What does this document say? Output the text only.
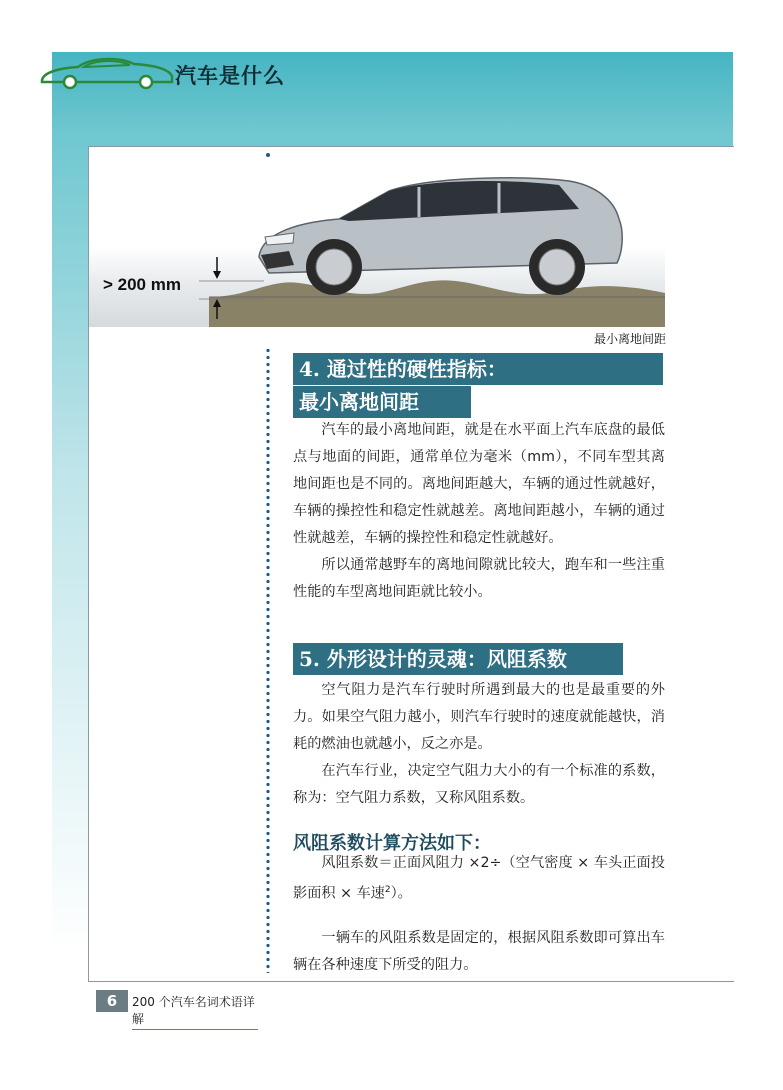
汽车是什么
> 200 mm
最小离地间距
4. 通过性的硬性指标：
最小离地间距

汽车的最小离地间距，就是在水平面上汽车底盘的最低点与地面的间距，通常单位为毫米（mm），不同车型其离地间距也是不同的。离地间距越大，车辆的通过性就越好，车辆的操控性和稳定性就越差。离地间距越小，车辆的通过性就越差，车辆的操控性和稳定性就越好。

所以通常越野车的离地间隙就比较大，跑车和一些注重性能的车型离地间距就比较小。

5. 外形设计的灵魂：风阻系数

空气阻力是汽车行驶时所遇到最大的也是最重要的外力。如果空气阻力越小，则汽车行驶时的速度就能越快，消耗的燃油也就越小，反之亦是。

在汽车行业，决定空气阻力大小的有一个标准的系数，称为：空气阻力系数，又称风阻系数。

风阻系数计算方法如下：

风阻系数＝正面风阻力 ×2÷（空气密度 × 车头正面投影面积 × 车速$^2$）。

一辆车的风阻系数是固定的，根据风阻系数即可算出车辆在各种速度下所受的阻力。

6	200 个汽车名词术语详解
